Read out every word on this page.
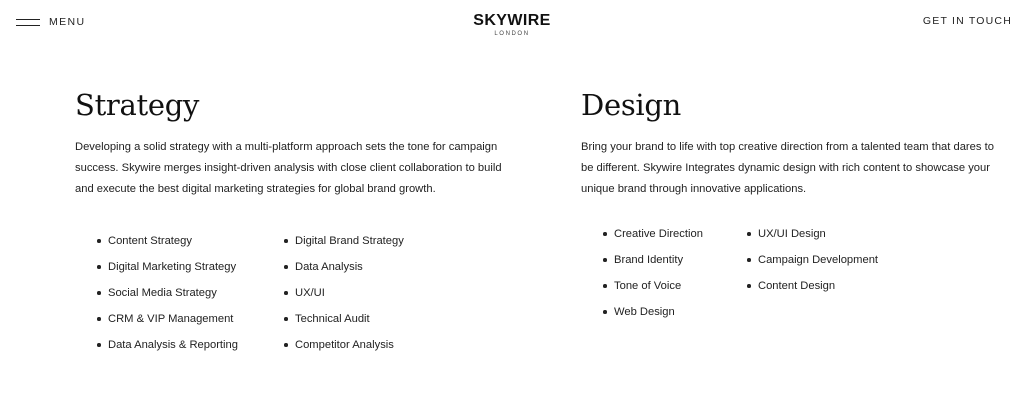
MENU	SKYWIRE
LONDON
GET IN TOUCH
Strategy

Developing a solid strategy with a multi-platform approach sets the tone for campaign success. Skywire merges insight-driven analysis with close client collaboration to build and execute the best digital marketing strategies for global brand growth.

Content Strategy
Digital Marketing Strategy
Social Media Strategy
CRM & VIP Management
Data Analysis & Reporting
Digital Brand Strategy
Data Analysis
UX/UI
Technical Audit
Competitor Analysis
Design

Bring your brand to life with top creative direction from a talented team that dares to be different. Skywire Integrates dynamic design with rich content to showcase your unique brand through innovative applications.

Creative Direction
Brand Identity
Tone of Voice
Web Design
UX/UI Design
Campaign Development
Content Design
